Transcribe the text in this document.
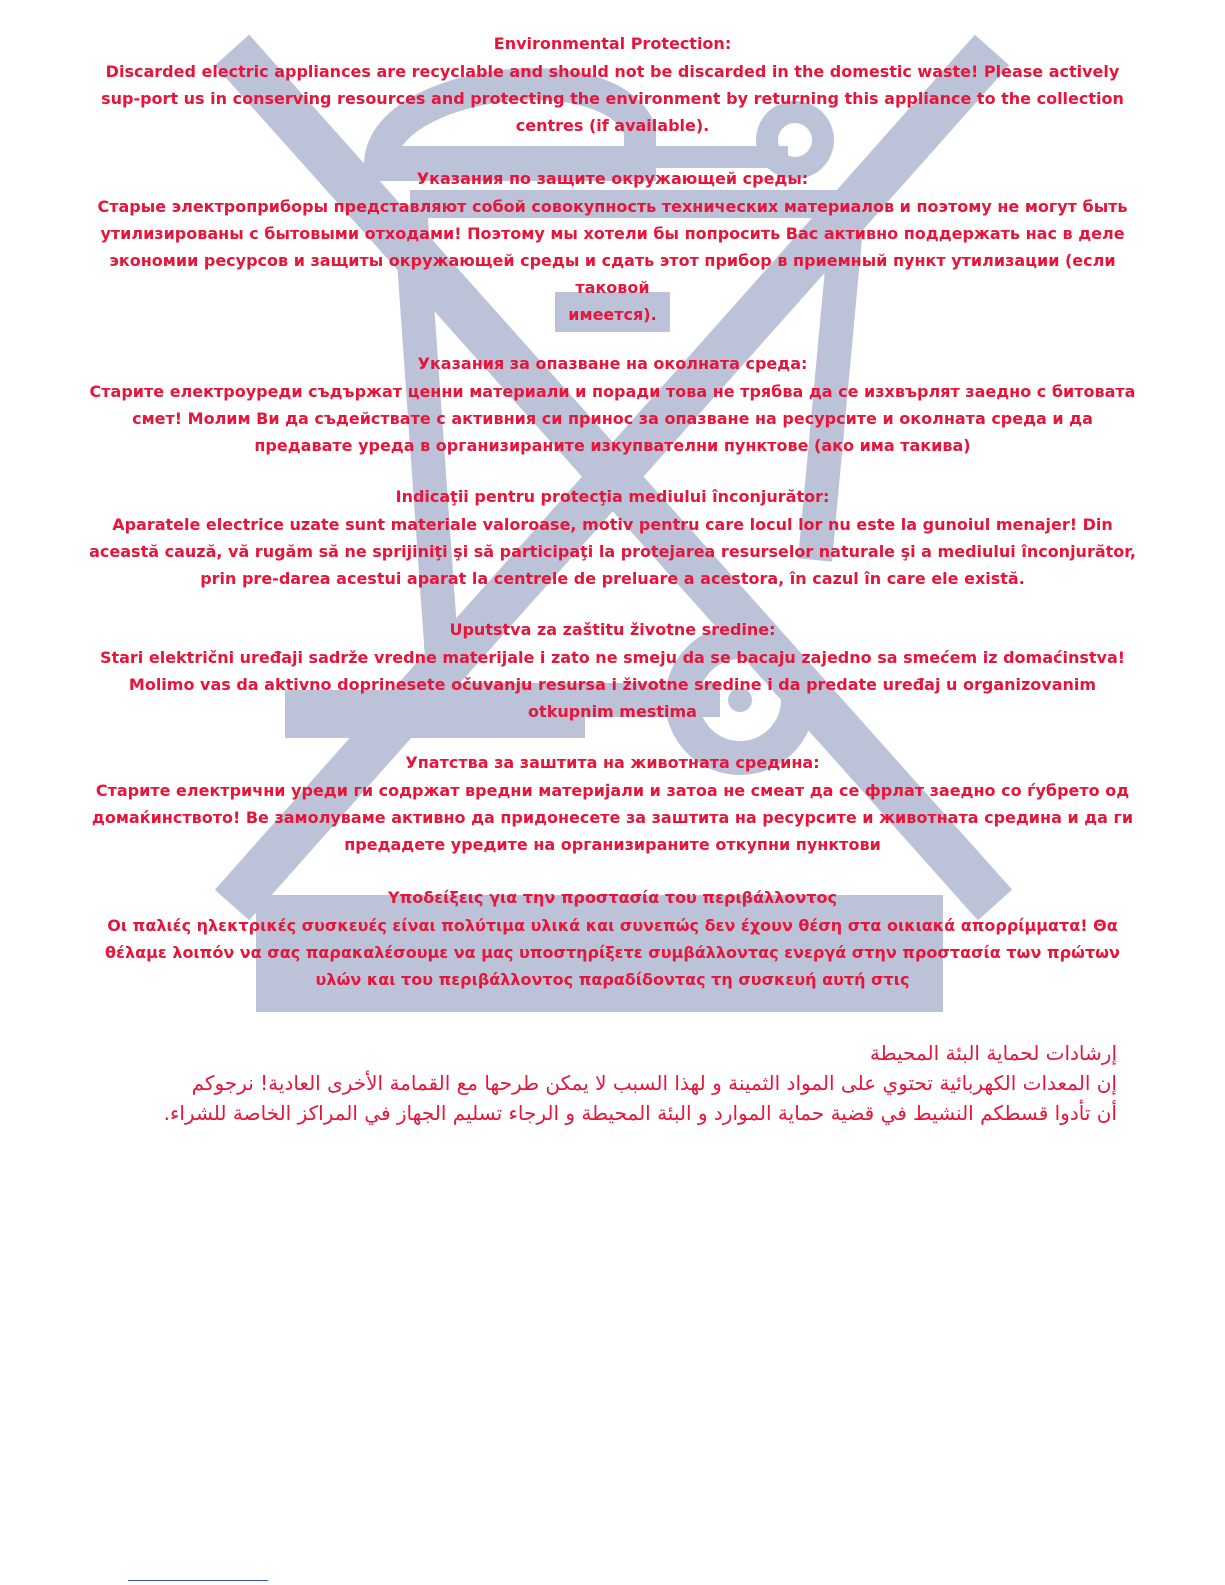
Environmental Protection:

Discarded electric appliances are recyclable and should not be discarded in the domestic waste! Please actively sup-port us in conserving resources and protecting the environment by returning this appliance to the collection centres (if available).

Указания по защите окружающей среды:

Старые электроприборы представляют собой совокупность технических материалов и поэтому не могут быть утилизированы с бытовыми отходами! Поэтому мы хотели бы попросить Вас активно поддержать нас в деле экономии ресурсов и защиты окружающей среды и сдать этот прибор в приемный пункт утилизации (если таковой

имеется).

Указания за опазване на околната среда:

Старите електроуреди съдържат ценни материали и поради това не трябва да се изхвърлят заедно с битовата смет! Молим Ви да съдействате с активния си принос за опазване на ресурсите и околната среда и да предавате уреда в организираните изкупвателни пунктове (ако има такива)

Indicaţii pentru protecţia mediului înconjurător:

Aparatele electrice uzate sunt materiale valoroase, motiv pentru care locul lor nu este la gunoiul menajer! Din această cauză, vă rugăm să ne sprijiniţi şi să participaţi la protejarea resurselor naturale şi a mediului înconjurător, prin pre-darea acestui aparat la centrele de preluare a acestora, în cazul în care ele există.

Uputstva za zaštitu životne sredine:

Stari električni uređaji sadrže vredne materijale i zato ne smeju da se bacaju zajedno sa smećem iz domaćinstva! Molimo vas da aktivno doprinesete očuvanju resursa i životne sredine i da predate uređaj u organizovanim otkupnim mestima

Упатства за заштита на животната средина:

Старите електрични уреди ги содржат вредни материјали и затоа не смеат да се фрлат заедно со ѓубрето од домаќинството! Ве замолуваме активно да придонесете за заштита на ресурсите и животната средина и да ги предадете уредите на организираните откупни пунктови

Υποδείξεις για την προστασία του περιβάλλοντος

Οι παλιές ηλεκτρικές συσκευές είναι πολύτιμα υλικά και συνεπώς δεν έχουν θέση στα οικιακά απορρίμματα! Θα θέλαμε λοιπόν να σας παρακαλέσουμε να μας υποστηρίξετε συμβάλλοντας ενεργά στην προστασία των πρώτων υλών και του περιβάλλοντος παραδίδοντας τη συσκευή αυτή στις

إرشادات لحماية البئة المحيطة

إن المعدات الكهربائية تحتوي على المواد الثمينة و لهذا السبب لا يمكن طرحها مع القمامة الأخرى العادية! نرجوكم

أن تأدوا قسطكم النشيط في قضية حماية الموارد و البئة المحيطة و الرجاء تسليم الجهاز في المراكز الخاصة للشراء.
